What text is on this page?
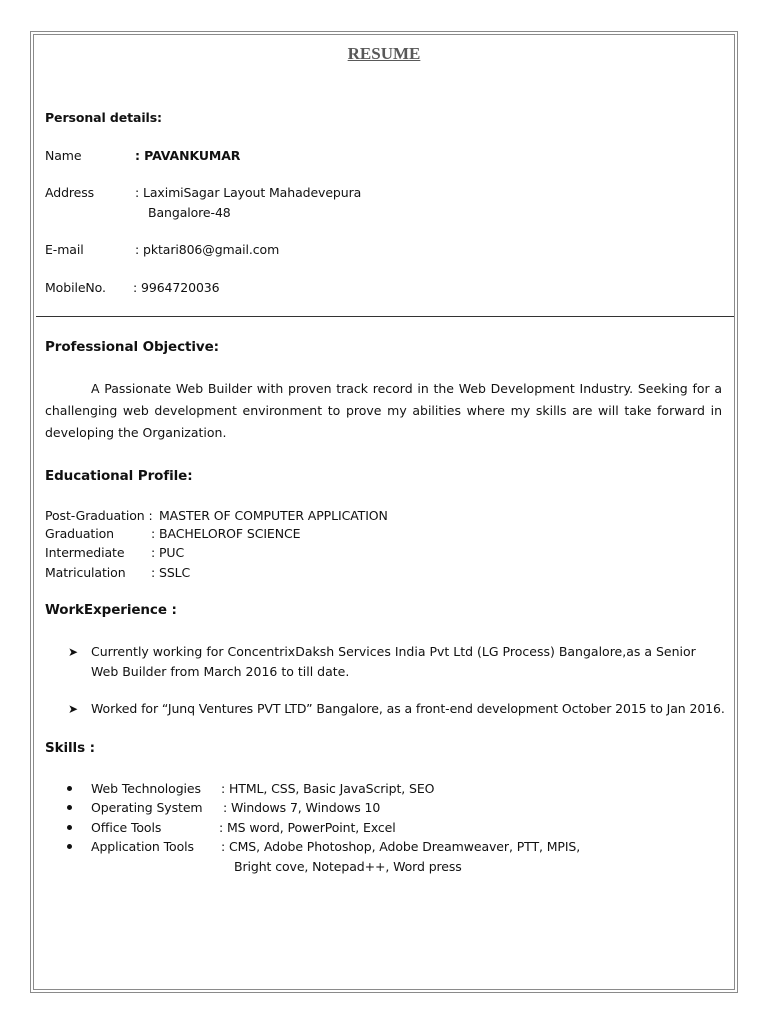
RESUME
Personal details:
Name	: PAVANKUMAR
Address	: LaximiSagar Layout Mahadevepura
Bangalore-48
E-mail	: pktari806@gmail.com
MobileNo. : 9964720036
Professional Objective:
A Passionate Web Builder with proven track record in the Web Development Industry. Seeking for a challenging web development environment to prove my abilities where my skills are will take forward in developing the Organization.
Educational Profile:
Post-Graduation : MASTER OF COMPUTER APPLICATION
Graduation	: BACHELOROF SCIENCE
Intermediate : PUC
Matriculation : SSLC
WorkExperience :
➤ Currently working for ConcentrixDaksh Services India Pvt Ltd (LG Process) Bangalore,as a Senior Web Builder from March 2016 to till date.
➤ Worked for “Junq Ventures PVT LTD” Bangalore, as a front-end development October 2015 to Jan 2016.
Skills :
Web Technologies : HTML, CSS, Basic JavaScript, SEO
Operating System : Windows 7, Windows 10
Office Tools	: MS word, PowerPoint, Excel
Application Tools : CMS, Adobe Photoshop, Adobe Dreamweaver, PTT, MPIS,
Bright cove, Notepad++, Word press
